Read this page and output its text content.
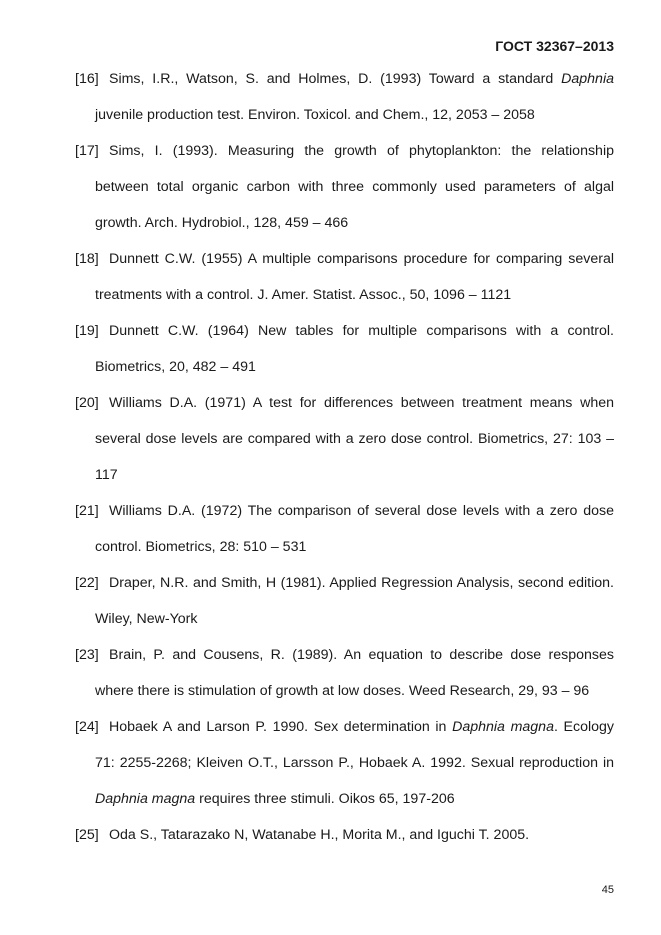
ГОСТ 32367–2013

[16] Sims, I.R., Watson, S. and Holmes, D. (1993) Toward a standard Daphnia juvenile production test. Environ. Toxicol. and Chem., 12, 2053 – 2058

[17] Sims, I. (1993). Measuring the growth of phytoplankton: the relationship between total organic carbon with three commonly used parameters of algal growth. Arch. Hydrobiol., 128, 459 – 466

[18] Dunnett C.W. (1955) A multiple comparisons procedure for comparing several treatments with a control. J. Amer. Statist. Assoc., 50, 1096 – 1121

[19] Dunnett C.W. (1964) New tables for multiple comparisons with a control. Biometrics, 20, 482 – 491

[20] Williams D.A. (1971) A test for differences between treatment means when several dose levels are compared with a zero dose control. Biometrics, 27: 103 – 117

[21] Williams D.A. (1972) The comparison of several dose levels with a zero dose control. Biometrics, 28: 510 – 531

[22] Draper, N.R. and Smith, H (1981). Applied Regression Analysis, second edition. Wiley, New-York

[23] Brain, P. and Cousens, R. (1989). An equation to describe dose responses where there is stimulation of growth at low doses. Weed Research, 29, 93 – 96

[24] Hobaek A and Larson P. 1990. Sex determination in Daphnia magna. Ecology 71: 2255-2268; Kleiven O.T., Larsson P., Hobaek A. 1992. Sexual reproduction in Daphnia magna requires three stimuli. Oikos 65, 197-206

[25] Oda S., Tatarazako N, Watanabe H., Morita M., and Iguchi T. 2005.

45
